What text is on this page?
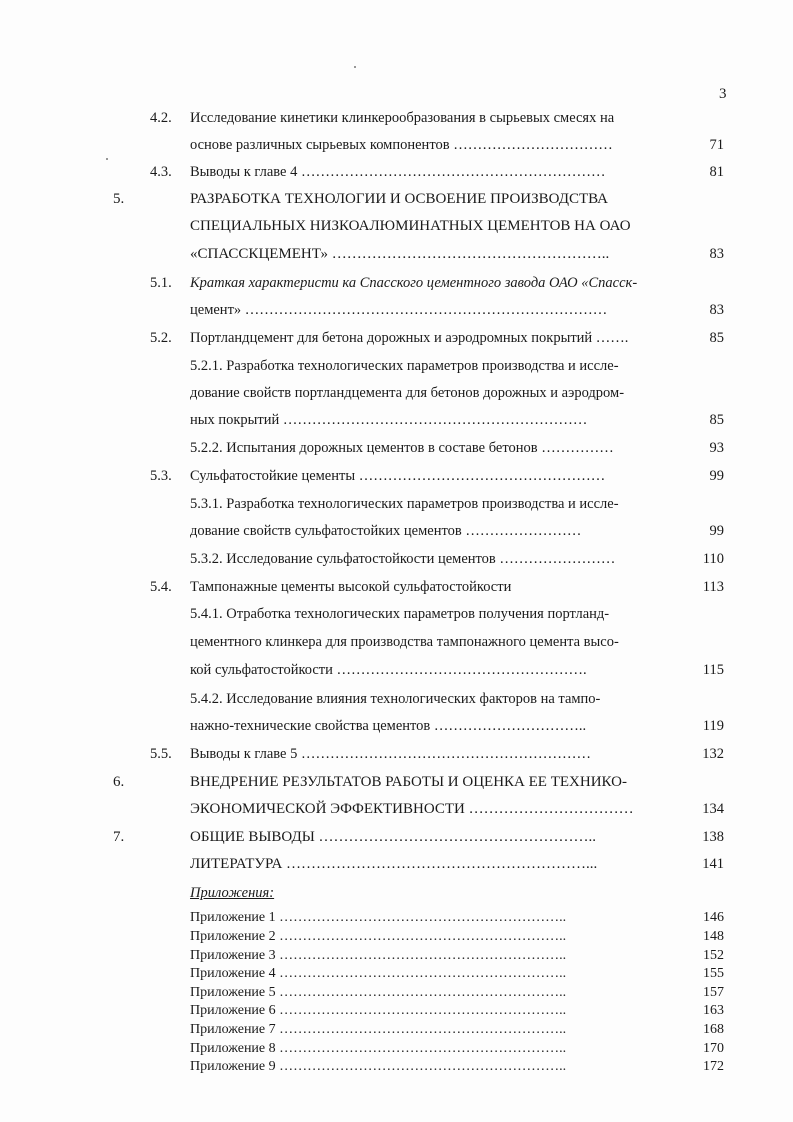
3
4.2. Исследование кинетики клинкерообразования в сырьевых смесях на
основе различных сырьевых компонентов ……………………………	71
4.3. Выводы к главе 4 ………………………………………………………	81
5.	РАЗРАБОТКА ТЕХНОЛОГИИ И ОСВОЕНИЕ ПРОИЗВОДСТВА
СПЕЦИАЛЬНЫХ НИЗКОАЛЮМИНАТНЫХ ЦЕМЕНТОВ НА ОАО
«СПАССКЦЕМЕНТ» ………………………………………………..	83
5.1. Краткая характеристи ка Спасского цементного завода ОАО «Спасск-
цемент» …………………………………………………………………	83
5.2. Портландцемент для бетона дорожных и аэродромных покрытий …….	85
5.2.1. Разработка технологических параметров производства и иссле-
дование свойств портландцемента для бетонов дорожных и аэродром-
ных покрытий ………………………………………………………	85
5.2.2. Испытания дорожных цементов в составе бетонов ……………	93
5.3. Сульфатостойкие цементы ……………………………………………	99
5.3.1. Разработка технологических параметров производства и иссле-
дование свойств сульфатостойких цементов ……………………	99
5.3.2. Исследование сульфатостойкости цементов ……………………	110
5.4. Тампонажные цементы высокой сульфатостойкости	113
5.4.1. Отработка технологических параметров получения портланд-
цементного клинкера для производства тампонажного цемента высо-
кой сульфатостойкости …………………………………………….	115
5.4.2. Исследование влияния технологических факторов на тампо-
нажно-технические свойства цементов …………………………..	119
5.5. Выводы к главе 5 ……………………………………………………	132
6.	ВНЕДРЕНИЕ РЕЗУЛЬТАТОВ РАБОТЫ И ОЦЕНКА ЕЕ ТЕХНИКО-
ЭКОНОМИЧЕСКОЙ ЭФФЕКТИВНОСТИ ……………………………	134
7.	ОБЩИЕ ВЫВОДЫ ………………………………………………..	138
ЛИТЕРАТУРА ……………………………………………………...	141
Приложения:
Приложение 1 ……………………………………………………..	146
Приложение 2 ……………………………………………………..	148
Приложение 3 ……………………………………………………..	152
Приложение 4 ……………………………………………………..	155
Приложение 5 ……………………………………………………..	157
Приложение 6 ……………………………………………………..	163
Приложение 7 ……………………………………………………..	168
Приложение 8 ……………………………………………………..	170
Приложение 9 ……………………………………………………..	172
